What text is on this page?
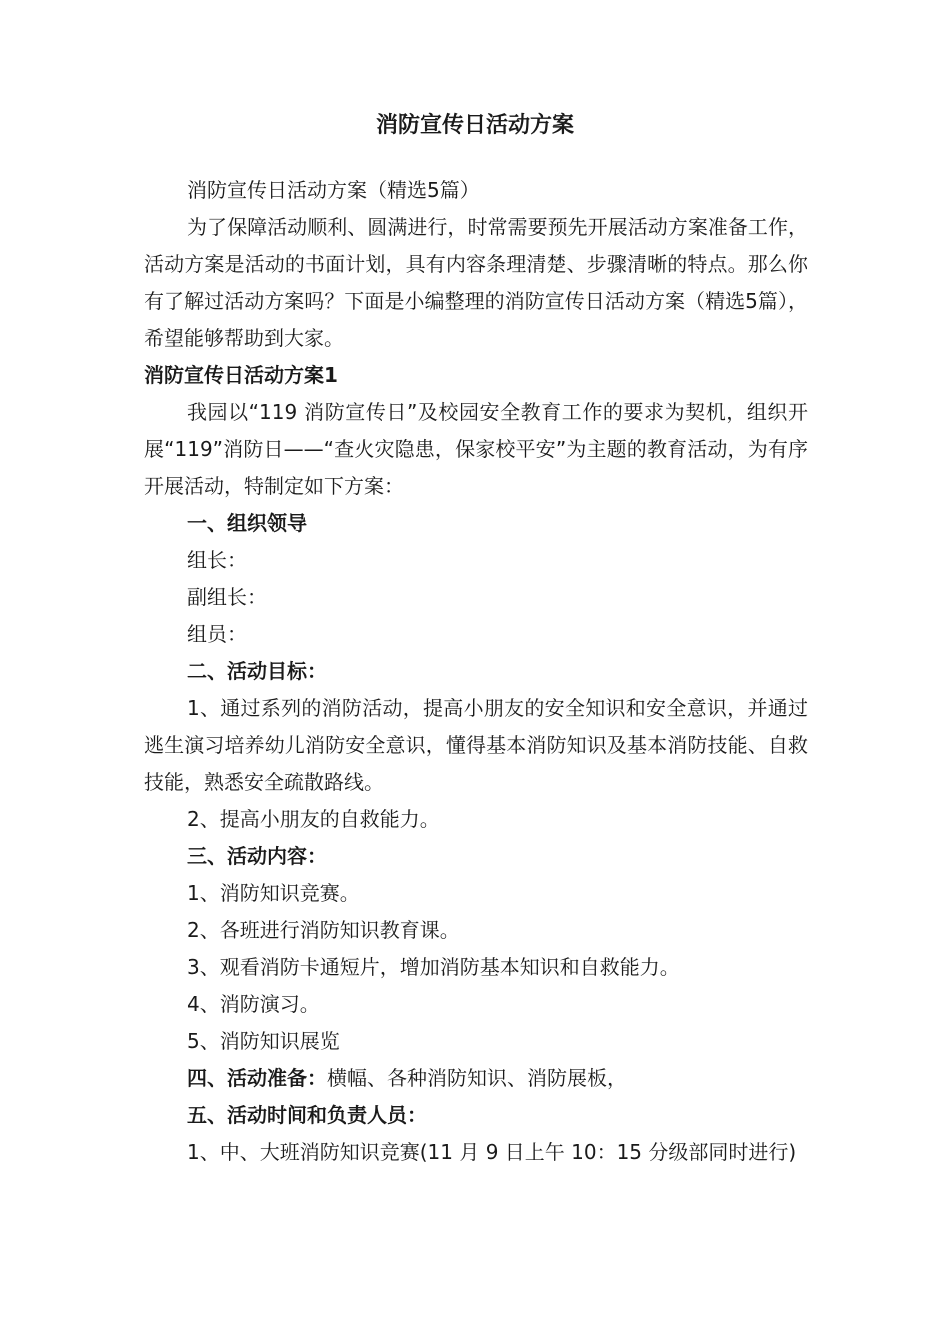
消防宣传日活动方案

消防宣传日活动方案（精选5篇）

为了保障活动顺利、圆满进行，时常需要预先开展活动方案准备工作，活动方案是活动的书面计划，具有内容条理清楚、步骤清晰的特点。那么你有了解过活动方案吗？下面是小编整理的消防宣传日活动方案（精选5篇），希望能够帮助到大家。

消防宣传日活动方案1

我园以“119 消防宣传日”及校园安全教育工作的要求为契机，组织开展“119”消防日——“查火灾隐患，保家校平安”为主题的教育活动，为有序开展活动，特制定如下方案：

一、组织领导

组长：

副组长：

组员：

二、活动目标：

1、通过系列的消防活动，提高小朋友的安全知识和安全意识，并通过逃生演习培养幼儿消防安全意识，懂得基本消防知识及基本消防技能、自救技能，熟悉安全疏散路线。

2、提高小朋友的自救能力。

三、活动内容：

1、消防知识竞赛。

2、各班进行消防知识教育课。

3、观看消防卡通短片，增加消防基本知识和自救能力。

4、消防演习。

5、消防知识展览

四、活动准备：横幅、各种消防知识、消防展板，

五、活动时间和负责人员：

1、中、大班消防知识竞赛(11 月 9 日上午 10：15 分级部同时进行)
